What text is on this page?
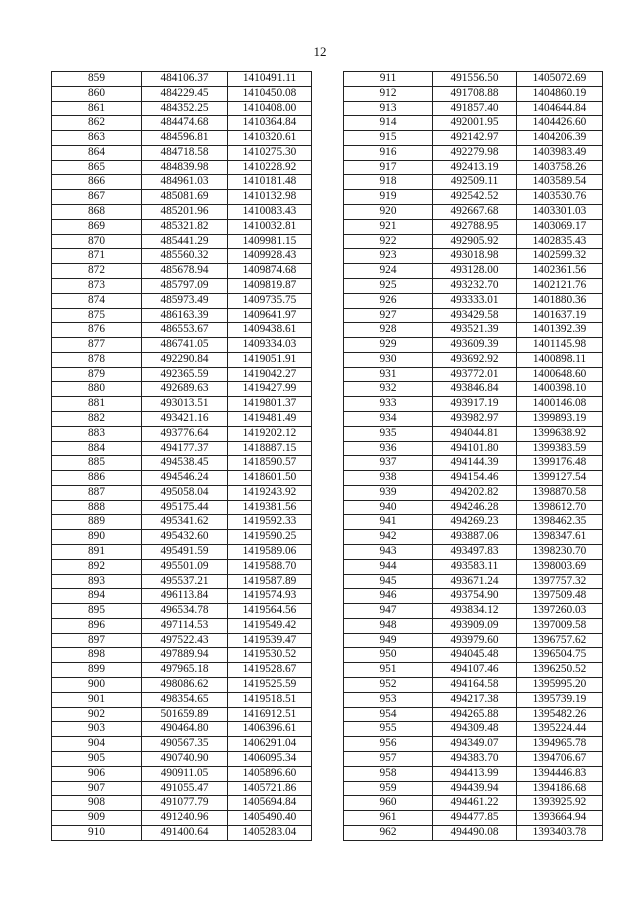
12
859	484106.37	1410491.11
860	484229.45	1410450.08
861	484352.25	1410408.00
862	484474.68	1410364.84
863	484596.81	1410320.61
864	484718.58	1410275.30
865	484839.98	1410228.92
866	484961.03	1410181.48
867	485081.69	1410132.98
868	485201.96	1410083.43
869	485321.82	1410032.81
870	485441.29	1409981.15
871	485560.32	1409928.43
872	485678.94	1409874.68
873	485797.09	1409819.87
874	485973.49	1409735.75
875	486163.39	1409641.97
876	486553.67	1409438.61
877	486741.05	1409334.03
878	492290.84	1419051.91
879	492365.59	1419042.27
880	492689.63	1419427.99
881	493013.51	1419801.37
882	493421.16	1419481.49
883	493776.64	1419202.12
884	494177.37	1418887.15
885	494538.45	1418590.57
886	494546.24	1418601.50
887	495058.04	1419243.92
888	495175.44	1419381.56
889	495341.62	1419592.33
890	495432.60	1419590.25
891	495491.59	1419589.06
892	495501.09	1419588.70
893	495537.21	1419587.89
894	496113.84	1419574.93
895	496534.78	1419564.56
896	497114.53	1419549.42
897	497522.43	1419539.47
898	497889.94	1419530.52
899	497965.18	1419528.67
900	498086.62	1419525.59
901	498354.65	1419518.51
902	501659.89	1416912.51
903	490464.80	1406396.61
904	490567.35	1406291.04
905	490740.90	1406095.34
906	490911.05	1405896.60
907	491055.47	1405721.86
908	491077.79	1405694.84
909	491240.96	1405490.40
910	491400.64	1405283.04
911	491556.50	1405072.69
912	491708.88	1404860.19
913	491857.40	1404644.84
914	492001.95	1404426.60
915	492142.97	1404206.39
916	492279.98	1403983.49
917	492413.19	1403758.26
918	492509.11	1403589.54
919	492542.52	1403530.76
920	492667.68	1403301.03
921	492788.95	1403069.17
922	492905.92	1402835.43
923	493018.98	1402599.32
924	493128.00	1402361.56
925	493232.70	1402121.76
926	493333.01	1401880.36
927	493429.58	1401637.19
928	493521.39	1401392.39
929	493609.39	1401145.98
930	493692.92	1400898.11
931	493772.01	1400648.60
932	493846.84	1400398.10
933	493917.19	1400146.08
934	493982.97	1399893.19
935	494044.81	1399638.92
936	494101.80	1399383.59
937	494144.39	1399176.48
938	494154.46	1399127.54
939	494202.82	1398870.58
940	494246.28	1398612.70
941	494269.23	1398462.35
942	493887.06	1398347.61
943	493497.83	1398230.70
944	493583.11	1398003.69
945	493671.24	1397757.32
946	493754.90	1397509.48
947	493834.12	1397260.03
948	493909.09	1397009.58
949	493979.60	1396757.62
950	494045.48	1396504.75
951	494107.46	1396250.52
952	494164.58	1395995.20
953	494217.38	1395739.19
954	494265.88	1395482.26
955	494309.48	1395224.44
956	494349.07	1394965.78
957	494383.70	1394706.67
958	494413.99	1394446.83
959	494439.94	1394186.68
960	494461.22	1393925.92
961	494477.85	1393664.94
962	494490.08	1393403.78
